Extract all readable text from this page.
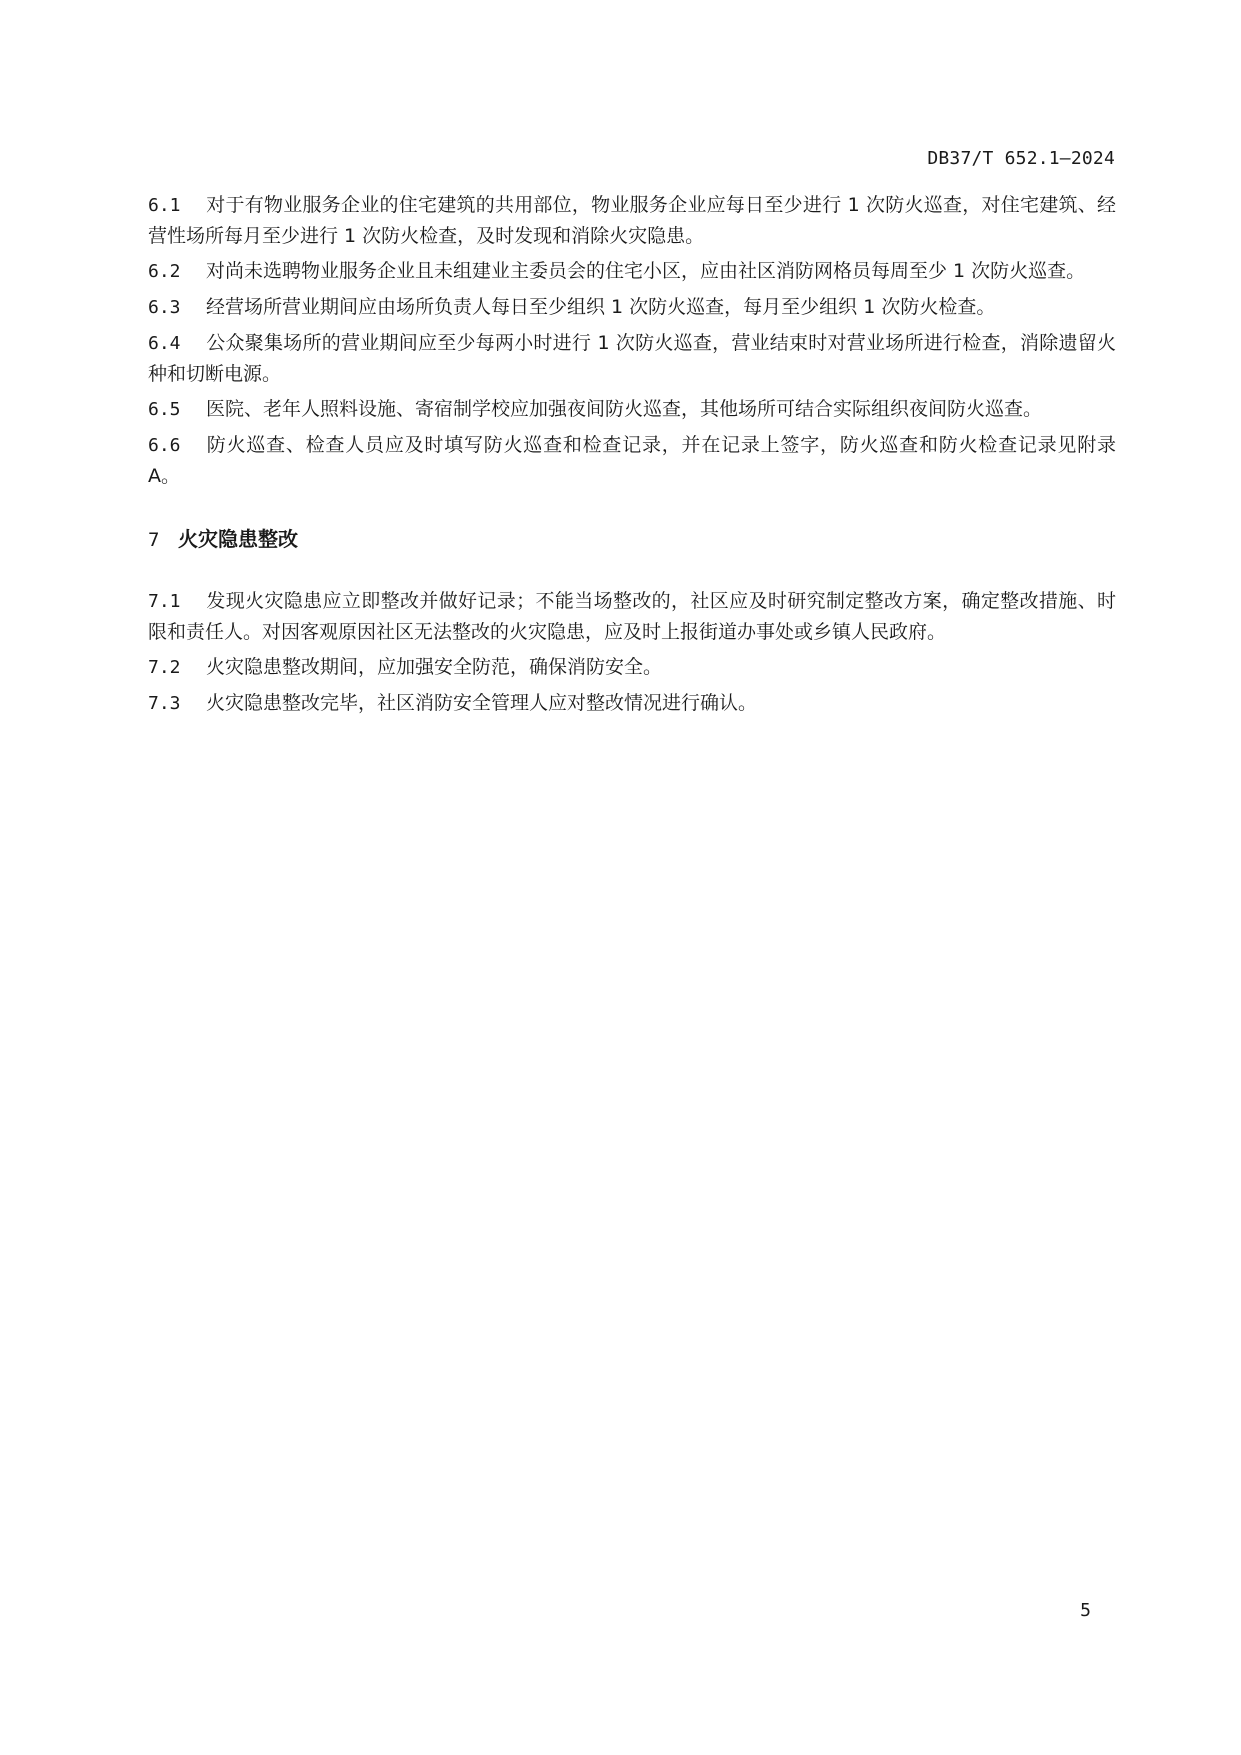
DB37/T 652.1—2024
6.1 对于有物业服务企业的住宅建筑的共用部位，物业服务企业应每日至少进行 1 次防火巡查，对住宅建筑、经营性场所每月至少进行 1 次防火检查，及时发现和消除火灾隐患。
6.2 对尚未选聘物业服务企业且未组建业主委员会的住宅小区，应由社区消防网格员每周至少 1 次防火巡查。
6.3 经营场所营业期间应由场所负责人每日至少组织 1 次防火巡查，每月至少组织 1 次防火检查。
6.4 公众聚集场所的营业期间应至少每两小时进行 1 次防火巡查，营业结束时对营业场所进行检查，消除遗留火种和切断电源。
6.5 医院、老年人照料设施、寄宿制学校应加强夜间防火巡查，其他场所可结合实际组织夜间防火巡查。
6.6 防火巡查、检查人员应及时填写防火巡查和检查记录，并在记录上签字，防火巡查和防火检查记录见附录 A。
7 火灾隐患整改
7.1 发现火灾隐患应立即整改并做好记录；不能当场整改的，社区应及时研究制定整改方案，确定整改措施、时限和责任人。对因客观原因社区无法整改的火灾隐患，应及时上报街道办事处或乡镇人民政府。
7.2 火灾隐患整改期间，应加强安全防范，确保消防安全。
7.3 火灾隐患整改完毕，社区消防安全管理人应对整改情况进行确认。
5
